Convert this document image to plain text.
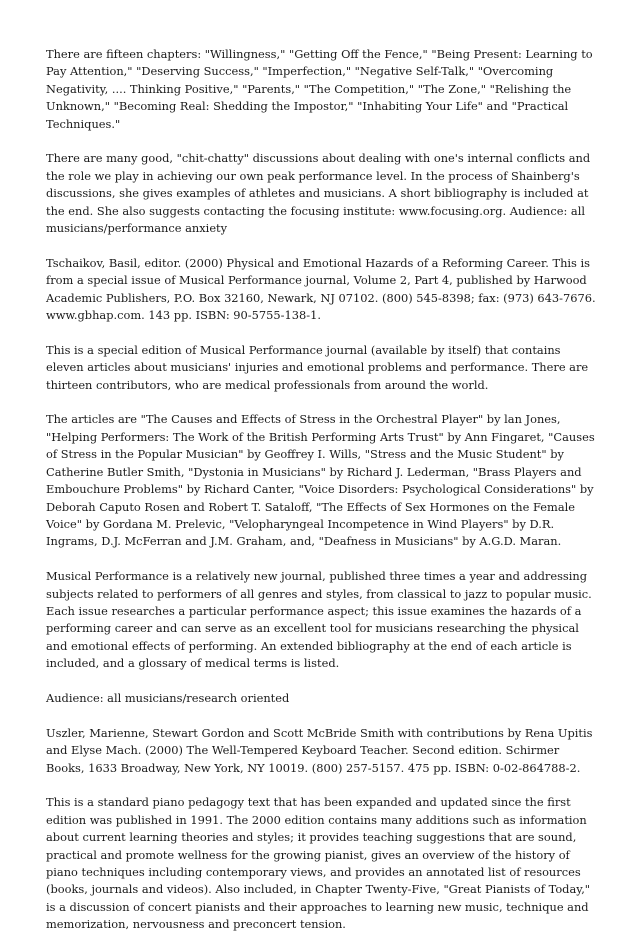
There are fifteen chapters: "Willingness," "Getting Off the Fence," "Being Present: Learning to Pay Attention," "Deserving Success," "Imperfection," "Negative Self-Talk," "Overcoming Negativity, .... Thinking Positive," "Parents," "The Competition," "The Zone," "Relishing the Unknown," "Becoming Real: Shedding the Impostor," "Inhabiting Your Life" and "Practical Techniques."

There are many good, "chit-chatty" discussions about dealing with one's internal conflicts and the role we play in achieving our own peak performance level. In the process of Shainberg's discussions, she gives examples of athletes and musicians. A short bibliography is included at the end. She also suggests contacting the focusing institute: www.focusing.org. Audience: all musicians/performance anxiety

Tschaikov, Basil, editor. (2000) Physical and Emotional Hazards of a Reforming Career. This is from a special issue of Musical Performance journal, Volume 2, Part 4, published by Harwood Academic Publishers, P.O. Box 32160, Newark, NJ 07102. (800) 545-8398; fax: (973) 643-7676. www.gbhap.com. 143 pp. ISBN: 90-5755-138-1.

This is a special edition of Musical Performance journal (available by itself) that contains eleven articles about musicians' injuries and emotional problems and performance. There are thirteen contributors, who are medical professionals from around the world.

The articles are "The Causes and Effects of Stress in the Orchestral Player" by lan Jones, "Helping Performers: The Work of the British Performing Arts Trust" by Ann Fingaret, "Causes of Stress in the Popular Musician" by Geoffrey I. Wills, "Stress and the Music Student" by Catherine Butler Smith, "Dystonia in Musicians" by Richard J. Lederman, "Brass Players and Embouchure Problems" by Richard Canter, "Voice Disorders: Psychological Considerations" by Deborah Caputo Rosen and Robert T. Sataloff, "The Effects of Sex Hormones on the Female Voice" by Gordana M. Prelevic, "Velopharyngeal Incompetence in Wind Players" by D.R. Ingrams, D.J. McFerran and J.M. Graham, and, "Deafness in Musicians" by A.G.D. Maran.

Musical Performance is a relatively new journal, published three times a year and addressing subjects related to performers of all genres and styles, from classical to jazz to popular music. Each issue researches a particular performance aspect; this issue examines the hazards of a performing career and can serve as an excellent tool for musicians researching the physical and emotional effects of performing. An extended bibliography at the end of each article is included, and a glossary of medical terms is listed.

Audience: all musicians/research oriented

Uszler, Marienne, Stewart Gordon and Scott McBride Smith with contributions by Rena Upitis and Elyse Mach. (2000) The Well-Tempered Keyboard Teacher. Second edition. Schirmer Books, 1633 Broadway, New York, NY 10019. (800) 257-5157. 475 pp. ISBN: 0-02-864788-2.

This is a standard piano pedagogy text that has been expanded and updated since the first edition was published in 1991. The 2000 edition contains many additions such as information about current learning theories and styles; it provides teaching suggestions that are sound, practical and promote wellness for the growing pianist, gives an overview of the history of piano techniques including contemporary views, and provides an annotated list of resources (books, journals and videos). Also included, in Chapter Twenty-Five, "Great Pianists of Today," is a discussion of concert pianists and their approaches to learning new music, technique and memorization, nervousness and preconcert tension.
